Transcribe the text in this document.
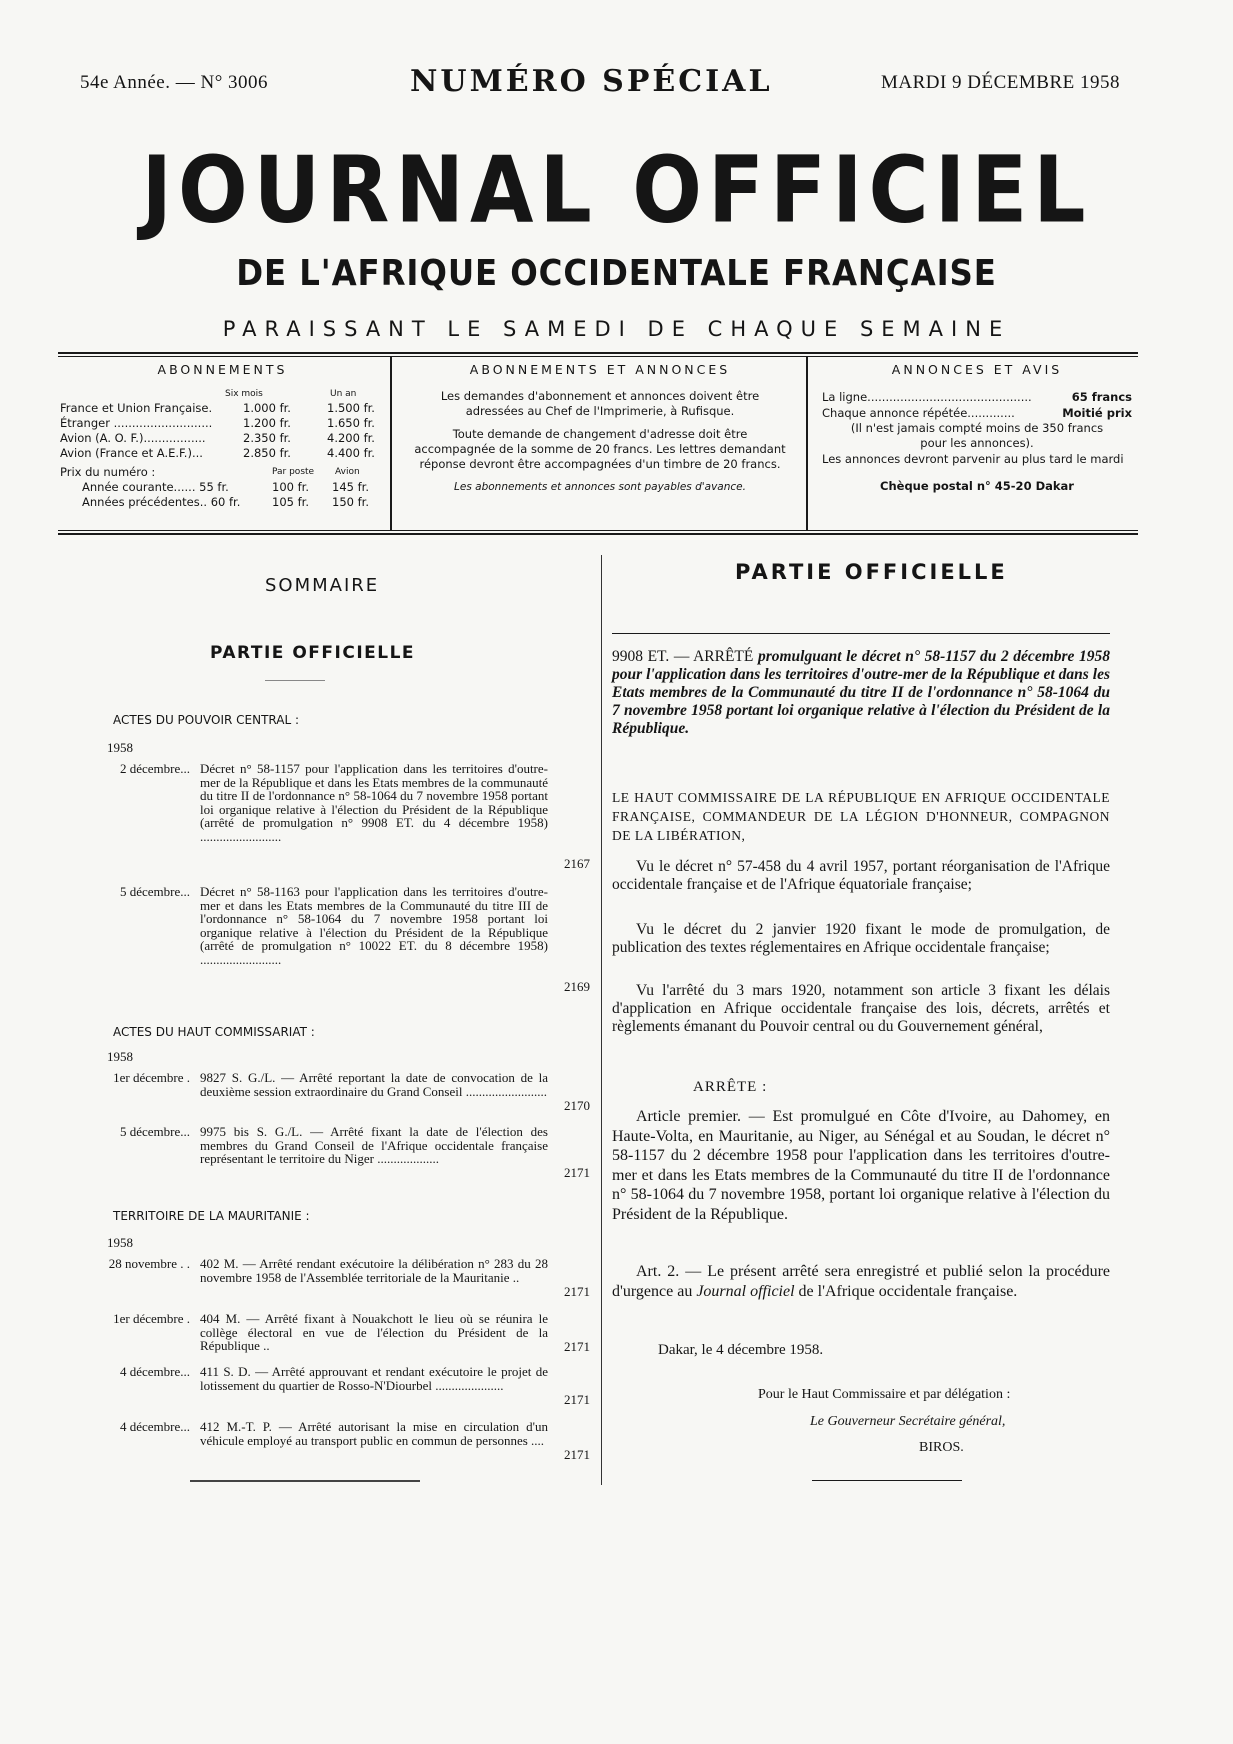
54e Année. — N° 3006	NUMÉRO SPÉCIAL	MARDI 9 DÉCEMBRE 1958
JOURNAL OFFICIEL
DE L'AFRIQUE OCCIDENTALE FRANÇAISE
PARAISSANT LE SAMEDI DE CHAQUE SEMAINE
ABONNEMENTS
Six mois	Un an
France et Union Française.	1.000 fr.	1.500 fr.
Étranger ...........................	1.200 fr.	1.650 fr.
Avion (A. O. F.).................	2.350 fr.	4.200 fr.
Avion (France et A.E.F.)...	2.850 fr.	4.400 fr.
Prix du numéro :	Par poste Avion
Année courante...... 55 fr.	100 fr. 145 fr.
Années précédentes.. 60 fr.	105 fr. 150 fr.
ABONNEMENTS ET ANNONCES
Les demandes d'abonnement et annonces doivent être adressées au Chef de l'Imprimerie, à Rufisque.
Toute demande de changement d'adresse doit être accompagnée de la somme de 20 francs. Les lettres demandant réponse devront être accompagnées d'un timbre de 20 francs.
Les abonnements et annonces sont payables d'avance.
ANNONCES ET AVIS
La ligne.............................................	65 francs
Chaque annonce répétée.............	Moitié prix
(Il n'est jamais compté moins de 350 francs pour les annonces).
Les annonces devront parvenir au plus tard le mardi
Chèque postal n° 45-20 Dakar
SOMMAIRE
PARTIE OFFICIELLE
ACTES DU POUVOIR CENTRAL :
1958
2 décembre... Décret n° 58-1157 pour l'application dans les territoires d'outre-mer de la République et dans les Etats membres de la communauté du titre II de l'ordonnance n° 58-1064 du 7 novembre 1958 portant loi organique relative à l'élection du Président de la République (arrêté de promulgation n° 9908 ET. du 4 décembre 1958) .........................
2167
5 décembre... Décret n° 58-1163 pour l'application dans les territoires d'outre-mer et dans les Etats membres de la Communauté du titre III de l'ordonnance n° 58-1064 du 7 novembre 1958 portant loi organique relative à l'élection du Président de la République (arrêté de promulgation n° 10022 ET. du 8 décembre 1958) .........................
2169
ACTES DU HAUT COMMISSARIAT :
1958
1er décembre . 9827 S. G./L. — Arrêté reportant la date de convocation de la deuxième session extraordinaire du Grand Conseil .........................
2170
5 décembre... 9975 bis S. G./L. — Arrêté fixant la date de l'élection des membres du Grand Conseil de l'Afrique occidentale française représentant le territoire du Niger ...................
2171
TERRITOIRE DE LA MAURITANIE :
1958
28 novembre . . 402 M. — Arrêté rendant exécutoire la délibération n° 283 du 28 novembre 1958 de l'Assemblée territoriale de la Mauritanie ..
2171
1er décembre . 404 M. — Arrêté fixant à Nouakchott le lieu où se réunira le collège électoral en vue de l'élection du Président de la République ..	2171
4 décembre... 411 S. D. — Arrêté approuvant et rendant exécutoire le projet de lotissement du quartier de Rosso-N'Diourbel .....................
2171
4 décembre... 412 M.-T. P. — Arrêté autorisant la mise en circulation d'un véhicule employé au transport public en commun de personnes ....
2171
PARTIE OFFICIELLE
9908 ET. — ARRÊTÉ promulguant le décret n° 58-1157 du 2 décembre 1958 pour l'application dans les territoires d'outre-mer de la République et dans les Etats membres de la Communauté du titre II de l'ordonnance n° 58-1064 du 7 novembre 1958 portant loi organique relative à l'élection du Président de la République.
LE HAUT COMMISSAIRE DE LA RÉPUBLIQUE EN AFRIQUE OCCIDENTALE FRANÇAISE, COMMANDEUR DE LA LÉGION D'HONNEUR, COMPAGNON DE LA LIBÉRATION,
Vu le décret n° 57-458 du 4 avril 1957, portant réorganisation de l'Afrique occidentale française et de l'Afrique équatoriale française;
Vu le décret du 2 janvier 1920 fixant le mode de promulgation, de publication des textes réglementaires en Afrique occidentale française;
Vu l'arrêté du 3 mars 1920, notamment son article 3 fixant les délais d'application en Afrique occidentale française des lois, décrets, arrêtés et règlements émanant du Pouvoir central ou du Gouvernement général,
ARRÊTE :
Article premier. — Est promulgué en Côte d'Ivoire, au Dahomey, en Haute-Volta, en Mauritanie, au Niger, au Sénégal et au Soudan, le décret n° 58-1157 du 2 décembre 1958 pour l'application dans les territoires d'outre-mer et dans les Etats membres de la Communauté du titre II de l'ordonnance n° 58-1064 du 7 novembre 1958, portant loi organique relative à l'élection du Président de la République.
Art. 2. — Le présent arrêté sera enregistré et publié selon la procédure d'urgence au Journal officiel de l'Afrique occidentale française.
Dakar, le 4 décembre 1958.
Pour le Haut Commissaire et par délégation :
Le Gouverneur Secrétaire général,
BIROS.
